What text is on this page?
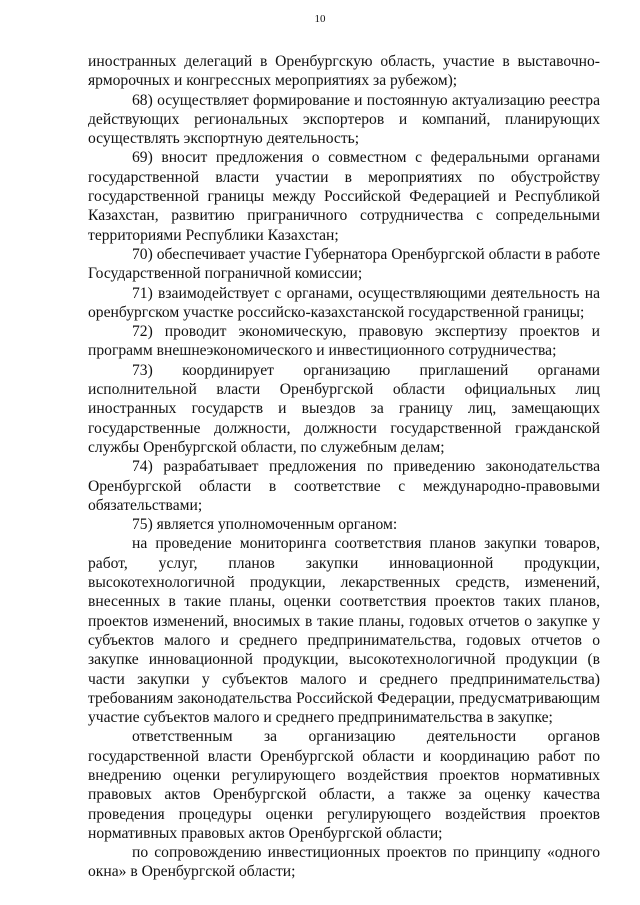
10

иностранных делегаций в Оренбургскую область, участие в выставочно-ярморочных и конгрессных мероприятиях за рубежом);

68) осуществляет формирование и постоянную актуализацию реестра действующих региональных экспортеров и компаний, планирующих осуществлять экспортную деятельность;

69) вносит предложения о совместном с федеральными органами государственной власти участии в мероприятиях по обустройству государственной границы между Российской Федерацией и Республикой Казахстан, развитию приграничного сотрудничества с сопредельными территориями Республики Казахстан;

70) обеспечивает участие Губернатора Оренбургской области в работе Государственной пограничной комиссии;

71) взаимодействует с органами, осуществляющими деятельность на оренбургском участке российско-казахстанской государственной границы;

72) проводит экономическую, правовую экспертизу проектов и программ внешнеэкономического и инвестиционного сотрудничества;

73) координирует организацию приглашений органами исполнительной власти Оренбургской области официальных лиц иностранных государств и выездов за границу лиц, замещающих государственные должности, должности государственной гражданской службы Оренбургской области, по служебным делам;

74) разрабатывает предложения по приведению законодательства Оренбургской области в соответствие с международно-правовыми обязательствами;

75) является уполномоченным органом:

на проведение мониторинга соответствия планов закупки товаров, работ, услуг, планов закупки инновационной продукции, высокотехнологичной продукции, лекарственных средств, изменений, внесенных в такие планы, оценки соответствия проектов таких планов, проектов изменений, вносимых в такие планы, годовых отчетов о закупке у субъектов малого и среднего предпринимательства, годовых отчетов о закупке инновационной продукции, высокотехнологичной продукции (в части закупки у субъектов малого и среднего предпринимательства) требованиям законодательства Российской Федерации, предусматривающим участие субъектов малого и среднего предпринимательства в закупке;

ответственным за организацию деятельности органов государственной власти Оренбургской области и координацию работ по внедрению оценки регулирующего воздействия проектов нормативных правовых актов Оренбургской области, а также за оценку качества проведения процедуры оценки регулирующего воздействия проектов нормативных правовых актов Оренбургской области;

по сопровождению инвестиционных проектов по принципу «одного окна» в Оренбургской области;
